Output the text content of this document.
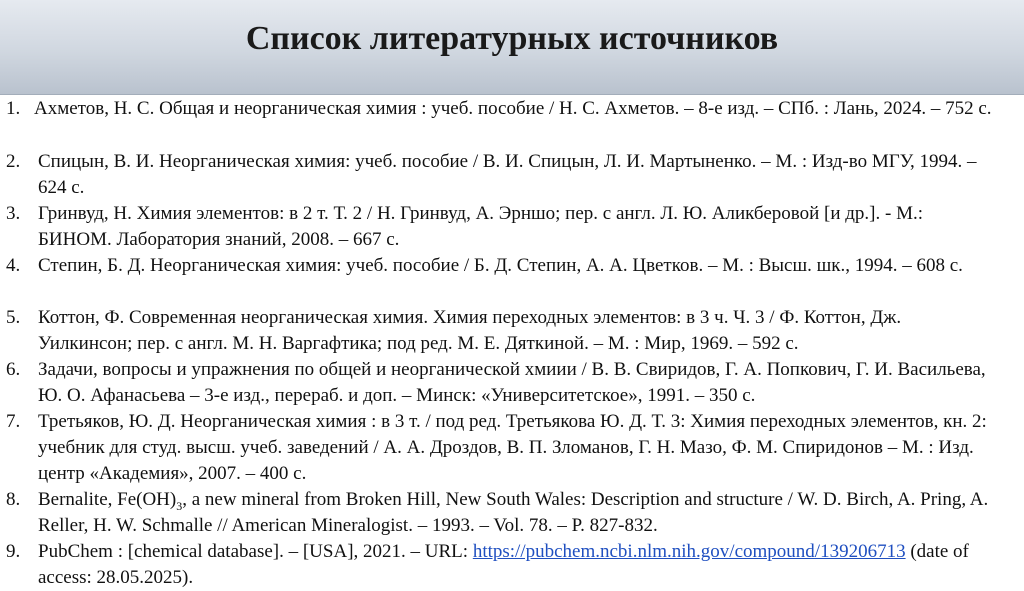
Список литературных источников
1. Ахметов, Н. С. Общая и неорганическая химия : учеб. пособие / Н. С. Ахметов. – 8-е изд. – СПб. : Лань, 2024. – 752 с.
2. Спицын, В. И. Неорганическая химия: учеб. пособие / В. И. Спицын, Л. И. Мартыненко. – М. : Изд-во МГУ, 1994. – 624 с.
3. Гринвуд, Н. Химия элементов: в 2 т. Т. 2 / Н. Гринвуд, А. Эрншо; пер. с англ. Л. Ю. Аликберовой [и др.]. - М.: БИНОМ. Лаборатория знаний, 2008. – 667 с.
4. Степин, Б. Д. Неорганическая химия: учеб. пособие / Б. Д. Степин, А. А. Цветков. – М. : Высш. шк., 1994. – 608 с.
5. Коттон, Ф. Современная неорганическая химия. Химия переходных элементов: в 3 ч. Ч. 3 / Ф. Коттон, Дж. Уилкинсон; пер. с англ. М. Н. Варгафтика; под ред. М. Е. Дяткиной. – М. : Мир, 1969. – 592 с.
6. Задачи, вопросы и упражнения по общей и неорганической хмиии / В. В. Свиридов, Г. А. Попкович, Г. И. Васильева, Ю. О. Афанасьева – 3-е изд., перераб. и доп. – Минск: «Университетское», 1991. – 350 с.
7. Третьяков, Ю. Д. Неорганическая химия : в 3 т. / под ред. Третьякова Ю. Д. Т. 3: Химия переходных элементов, кн. 2: учебник для студ. высш. учеб. заведений / А. А. Дроздов, В. П. Зломанов, Г. Н. Мазо, Ф. М. Спиридонов – М. : Изд. центр «Академия», 2007. – 400 с.
8. Bernalite, $Fe(OH)_3$, a new mineral from Broken Hill, New South Wales: Description and structure / W. D. Birch, A. Pring, A. Reller, H. W. Schmalle // American Mineralogist. – 1993. – Vol. 78. – P. 827-832.
9. PubChem : [chemical database]. – [USA], 2021. – URL: https://pubchem.ncbi.nlm.nih.gov/compound/139206713 (date of access: 28.05.2025).
